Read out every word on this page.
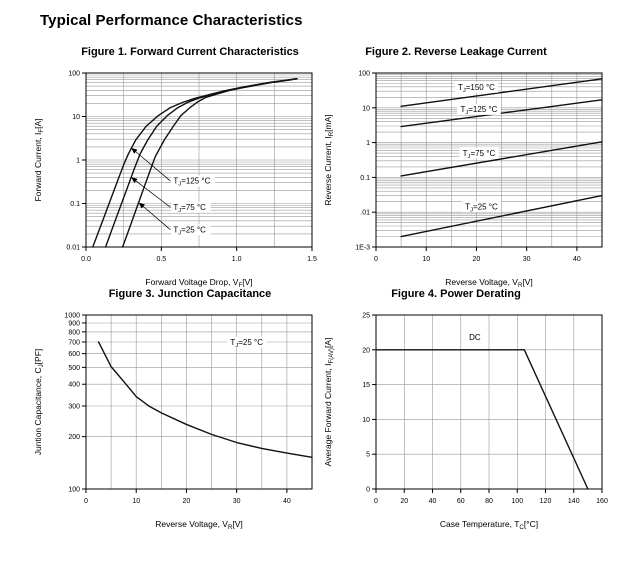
Typical Performance Characteristics
Figure 1. Forward Current Characteristics
0.0	0.5	1.0	1.5
100
10
1
0.1
0.01
Forward Voltage Drop, $V_F[V]$
Forward Current, $I_F[A]$
$T_J=125$ °C
$T_J=75$ °C
$T_J=25$ °C
Figure 2. Reverse Leakage Current
0	10	20	30	40
100
10
1
0.1
.01
1E-3
Reverse Voltage, $V_R[V]$
Reverse Current, $I_R[mA]$
$T_J=150$ °C
$T_J=125$ °C
$T_J=75$ °C
$T_J=25$ °C
Figure 3. Junction Capacitance
0	10	20	30	40
1000
900
800
700
600
500
400
300
200
100
Reverse Voltage, $V_R[V]$
Juntion Capacitance, $C_J[PF]$
$T_J=25$ °C
Figure 4. Power Derating
0	20	40	60	80	100 120 140 160
25
20
15
10
5
0
Case Temperature, $T_C[^\circ C]$
Average Forward Current, $I_{F(AV)}[A]$
DC
